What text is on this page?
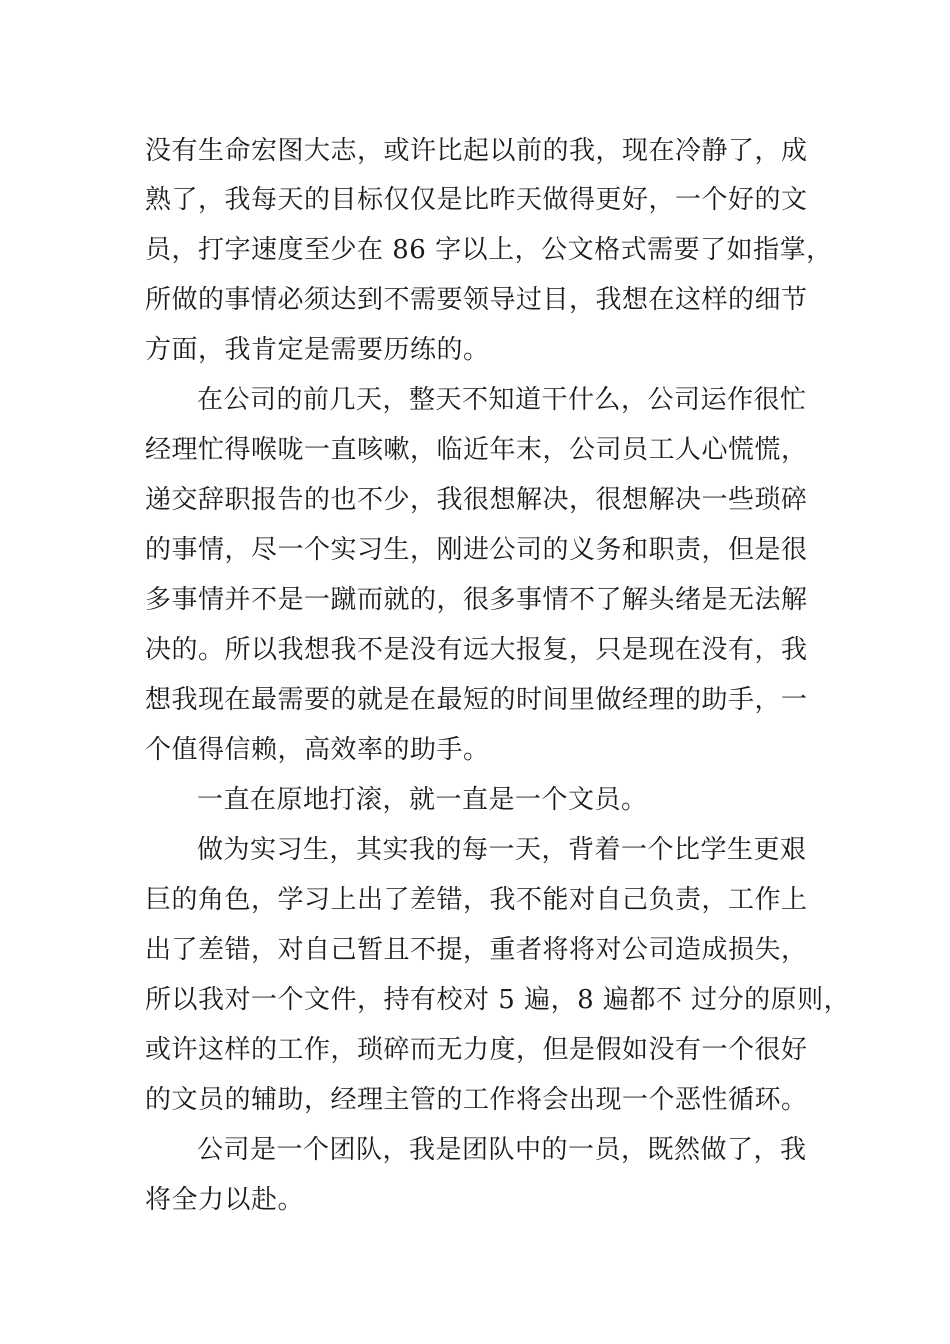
没有生命宏图大志，或许比起以前的我，现在冷静了，成
熟了，我每天的目标仅仅是比昨天做得更好，一个好的文
员，打字速度至少在 86 字以上，公文格式需要了如指掌，
所做的事情必须达到不需要领导过目，我想在这样的细节
方面，我肯定是需要历练的。
在公司的前几天，整天不知道干什么，公司运作很忙
经理忙得喉咙一直咳嗽，临近年末，公司员工人心慌慌，
递交辞职报告的也不少，我很想解决，很想解决一些琐碎
的事情，尽一个实习生，刚进公司的义务和职责，但是很
多事情并不是一蹴而就的，很多事情不了解头绪是无法解
决的。所以我想我不是没有远大报复，只是现在没有，我
想我现在最需要的就是在最短的时间里做经理的助手，一
个值得信赖，高效率的助手。
一直在原地打滚，就一直是一个文员。
做为实习生，其实我的每一天，背着一个比学生更艰
巨的角色，学习上出了差错，我不能对自己负责，工作上
出了差错，对自己暂且不提，重者将将对公司造成损失，
所以我对一个文件，持有校对 5 遍，8 遍都不 过分的原则，
或许这样的工作，琐碎而无力度，但是假如没有一个很好
的文员的辅助，经理主管的工作将会出现一个恶性循环。
公司是一个团队，我是团队中的一员，既然做了，我
将全力以赴。
